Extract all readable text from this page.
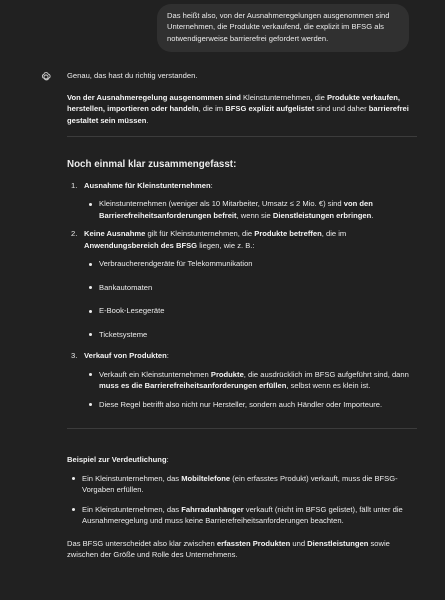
Das heißt also, von der Ausnahmeregelungen ausgenommen sind
Unternehmen, die Produkte verkaufend, die explizit im BFSG als
notwendigerweise barrierefrei gefordert werden.

Genau, das hast du richtig verstanden.

Von der Ausnahmeregelung ausgenommen sind Kleinstunternehmen, die Produkte verkaufen, herstellen, importieren oder handeln, die im BFSG explizit aufgelistet sind und daher barrierefrei gestaltet sein müssen.

Noch einmal klar zusammengefasst:
1. Ausnahme für Kleinstunternehmen:
Kleinstunternehmen (weniger als 10 Mitarbeiter, Umsatz ≤ 2 Mio. €) sind von den Barrierefreiheitsanforderungen befreit, wenn sie Dienstleistungen erbringen.
2. Keine Ausnahme gilt für Kleinstunternehmen, die Produkte betreffen, die im Anwendungsbereich des BFSG liegen, wie z. B.:
Verbraucherendgeräte für Telekommunikation
Bankautomaten
E-Book-Lesegeräte
Ticketsysteme
3. Verkauf von Produkten:
Verkauft ein Kleinstunternehmen Produkte, die ausdrücklich im BFSG aufgeführt sind, dann muss es die Barrierefreiheitsanforderungen erfüllen, selbst wenn es klein ist.
Diese Regel betrifft also nicht nur Hersteller, sondern auch Händler oder Importeure.

Beispiel zur Verdeutlichung:

Ein Kleinstunternehmen, das Mobiltelefone (ein erfasstes Produkt) verkauft, muss die BFSG-Vorgaben erfüllen.
Ein Kleinstunternehmen, das Fahrradanhänger verkauft (nicht im BFSG gelistet), fällt unter die Ausnahmeregelung und muss keine Barrierefreiheitsanforderungen beachten.

Das BFSG unterscheidet also klar zwischen erfassten Produkten und Dienstleistungen sowie zwischen der Größe und Rolle des Unternehmens.
